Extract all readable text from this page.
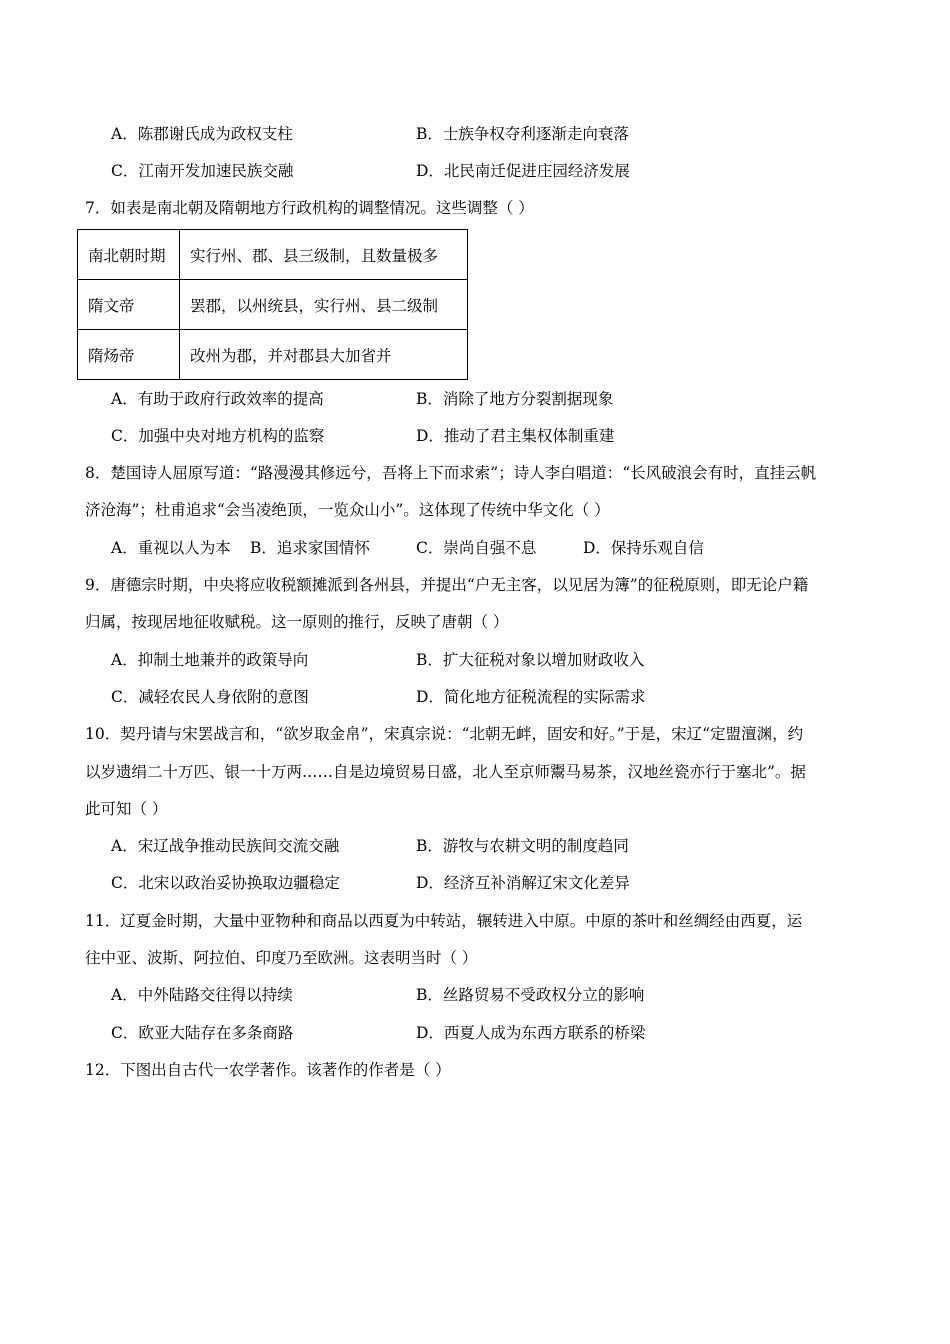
A．陈郡谢氏成为政权支柱	B．士族争权夺利逐渐走向衰落
C．江南开发加速民族交融	D．北民南迁促进庄园经济发展
7．如表是南北朝及隋朝地方行政机构的调整情况。这些调整（ ）
南北朝时期	实行州、郡、县三级制，且数量极多
隋文帝	罢郡，以州统县，实行州、县二级制
隋炀帝	改州为郡，并对郡县大加省并
A．有助于政府行政效率的提高	B．消除了地方分裂割据现象
C．加强中央对地方机构的监察	D．推动了君主集权体制重建
8．楚国诗人屈原写道：“路漫漫其修远兮，吾将上下而求索”；诗人李白唱道：“长风破浪会有时，直挂云帆
济沧海”；杜甫追求“会当凌绝顶，一览众山小”。这体现了传统中华文化（ ）
A．重视以人为本 B．追求家国情怀	C．崇尚自强不息	D．保持乐观自信
9．唐德宗时期，中央将应收税额摊派到各州县，并提出“户无主客，以见居为簿”的征税原则，即无论户籍
归属，按现居地征收赋税。这一原则的推行，反映了唐朝（ ）
A．抑制土地兼并的政策导向	B．扩大征税对象以增加财政收入
C．减轻农民人身依附的意图	D．简化地方征税流程的实际需求
10．契丹请与宋罢战言和，“欲岁取金帛”，宋真宗说：“北朝无衅，固安和好。”于是，宋辽“定盟澶渊，约
以岁遗绢二十万匹、银一十万两……自是边境贸易日盛，北人至京师鬻马易茶，汉地丝瓷亦行于塞北”。据
此可知（ ）
A．宋辽战争推动民族间交流交融	B．游牧与农耕文明的制度趋同
C．北宋以政治妥协换取边疆稳定	D．经济互补消解辽宋文化差异
11．辽夏金时期，大量中亚物种和商品以西夏为中转站，辗转进入中原。中原的茶叶和丝绸经由西夏，运
往中亚、波斯、阿拉伯、印度乃至欧洲。这表明当时（ ）
A．中外陆路交往得以持续	B．丝路贸易不受政权分立的影响
C．欧亚大陆存在多条商路	D．西夏人成为东西方联系的桥梁
12．下图出自古代一农学著作。该著作的作者是（ ）
